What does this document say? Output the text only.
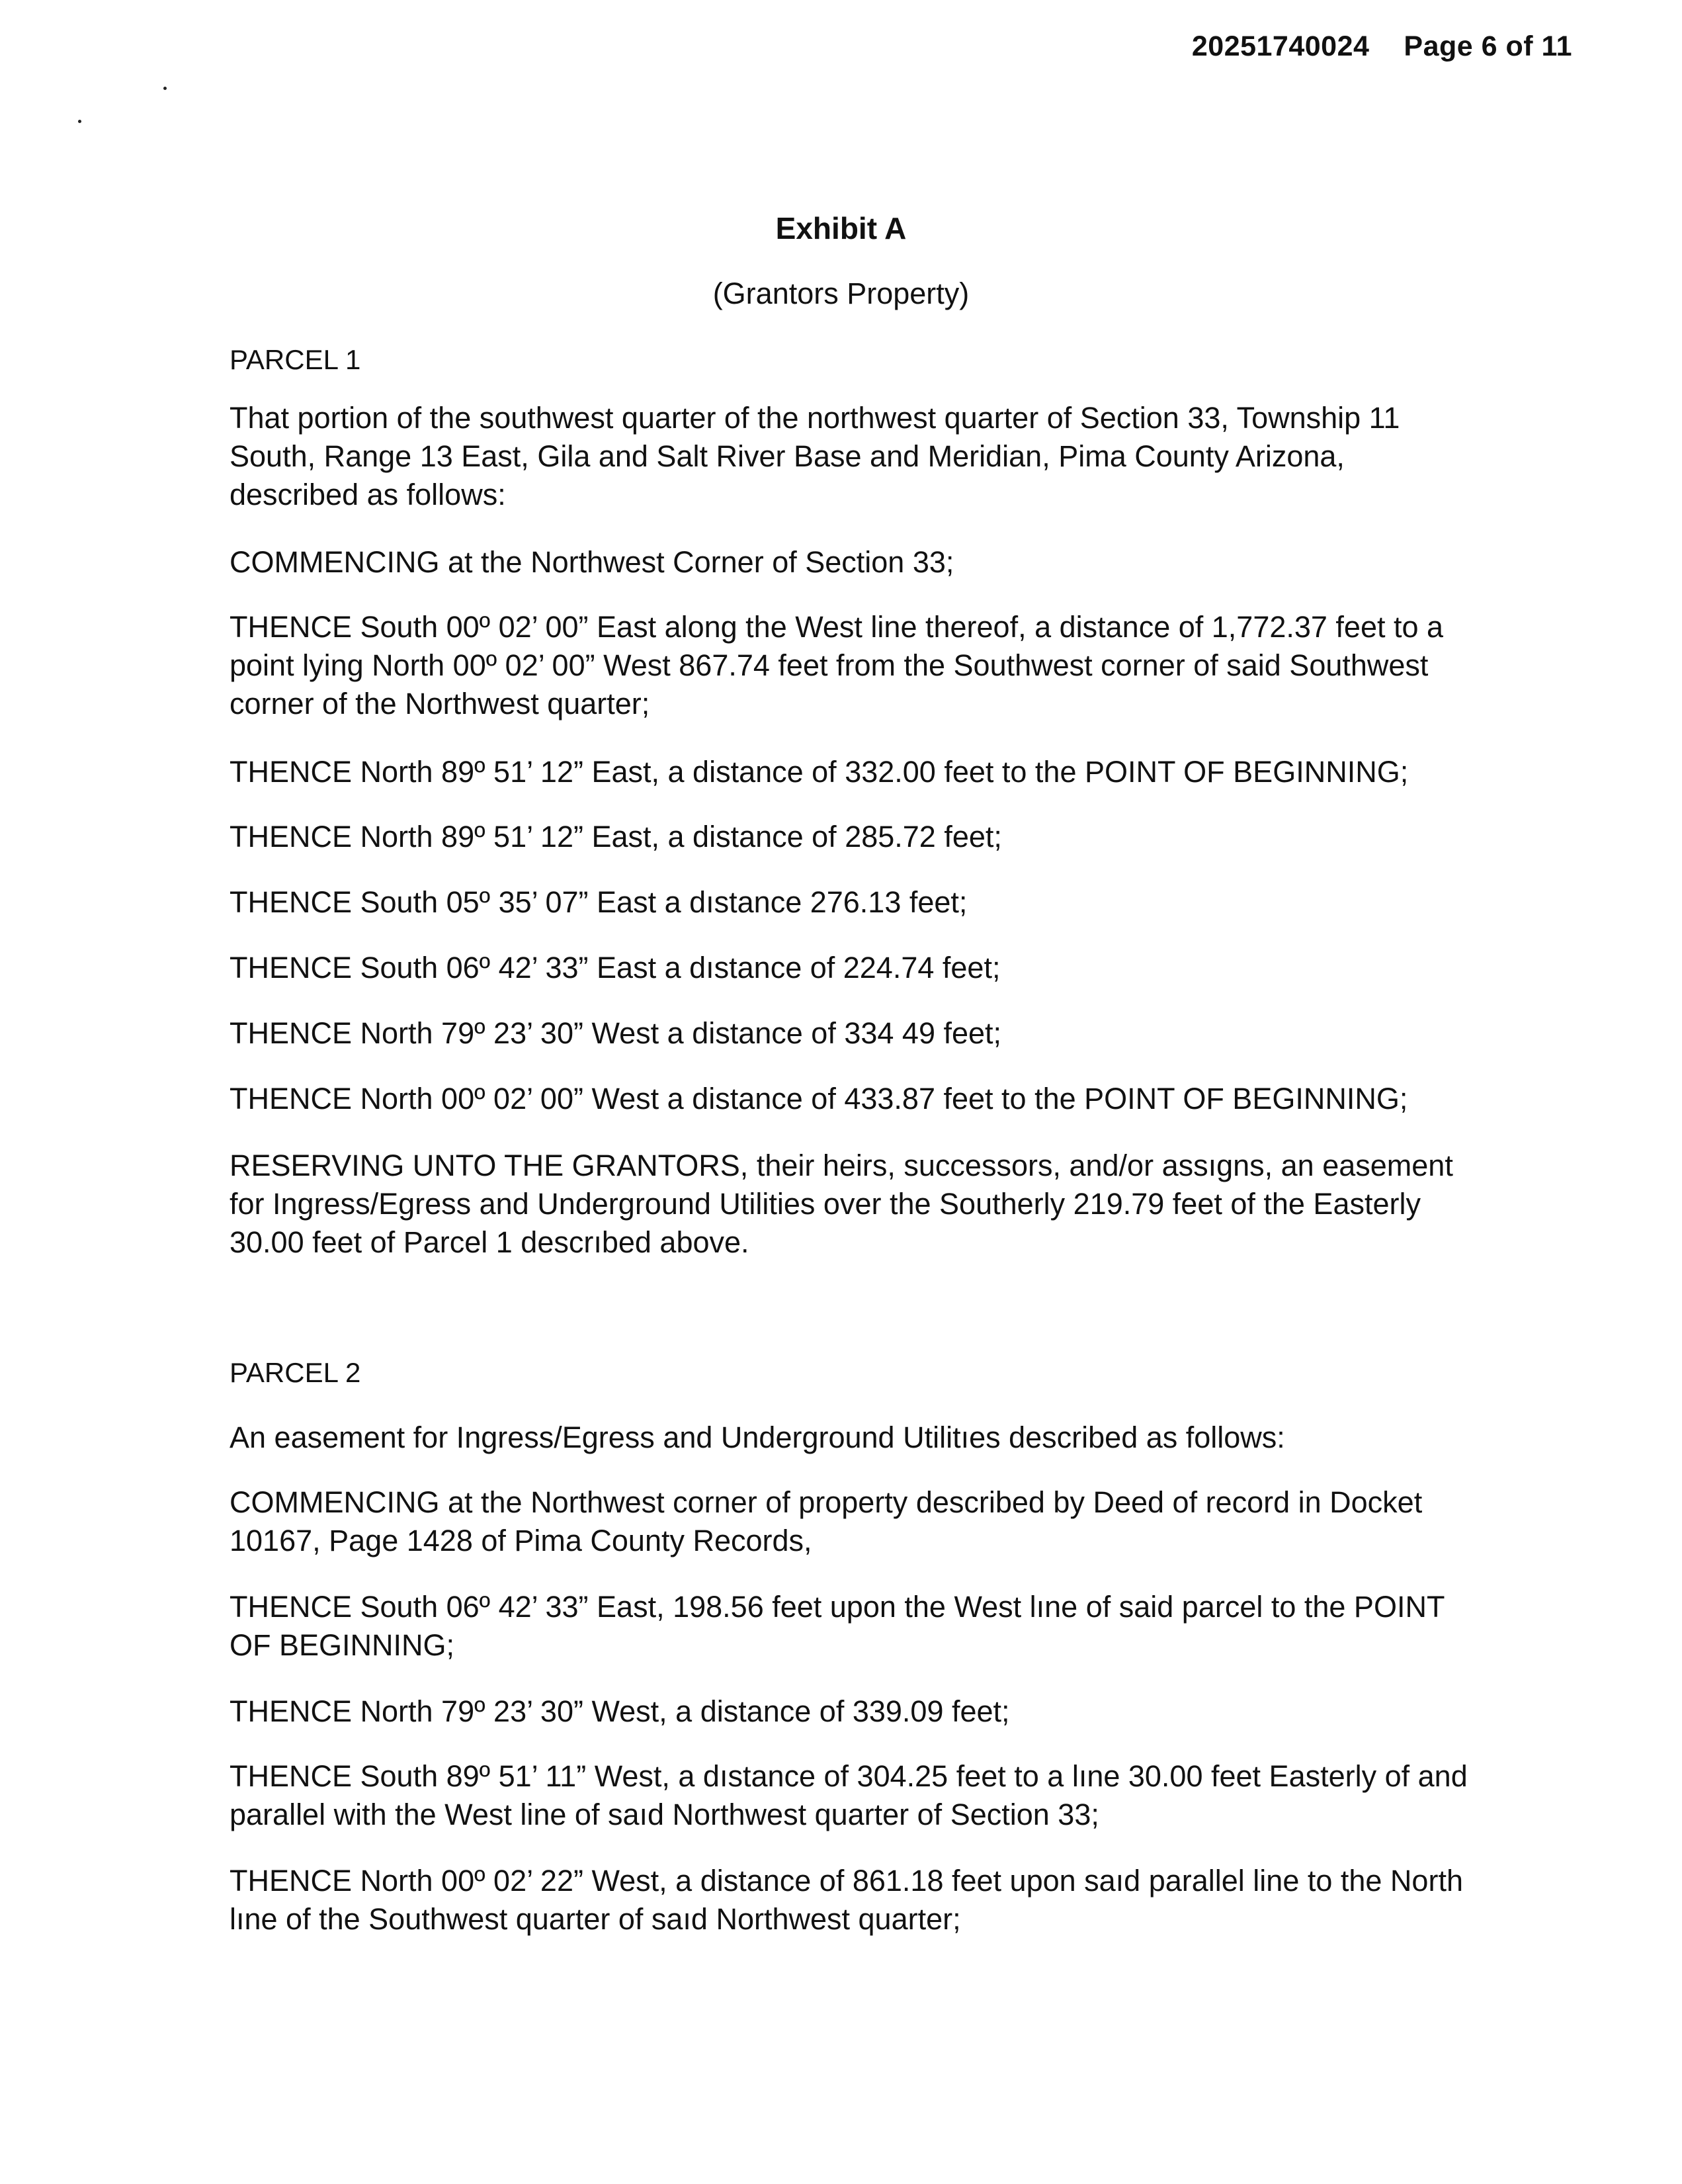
20251740024 Page 6 of 11
Exhibit A
(Grantors Property)

PARCEL 1

That portion of the southwest quarter of the northwest quarter of Section 33, Township 11
South, Range 13 East, Gila and Salt River Base and Meridian, Pima County Arizona,
described as follows:

COMMENCING at the Northwest Corner of Section 33;

THENCE South 00º 02’ 00” East along the West line thereof, a distance of 1,772.37 feet to a
point lying North 00º 02’ 00” West 867.74 feet from the Southwest corner of said Southwest
corner of the Northwest quarter;

THENCE North 89º 51’ 12” East, a distance of 332.00 feet to the POINT OF BEGINNING;

THENCE North 89º 51’ 12” East, a distance of 285.72 feet;

THENCE South 05º 35’ 07” East a dıstance 276.13 feet;

THENCE South 06º 42’ 33” East a dıstance of 224.74 feet;

THENCE North 79º 23’ 30” West a distance of 334 49 feet;

THENCE North 00º 02’ 00” West a distance of 433.87 feet to the POINT OF BEGINNING;

RESERVING UNTO THE GRANTORS, their heirs, successors, and/or assıgns, an easement
for Ingress/Egress and Underground Utilities over the Southerly 219.79 feet of the Easterly
30.00 feet of Parcel 1 descrıbed above.

PARCEL 2

An easement for Ingress/Egress and Underground Utilitıes described as follows:

COMMENCING at the Northwest corner of property described by Deed of record in Docket
10167, Page 1428 of Pima County Records,

THENCE South 06º 42’ 33” East, 198.56 feet upon the West lıne of said parcel to the POINT
OF BEGINNING;

THENCE North 79º 23’ 30” West, a distance of 339.09 feet;

THENCE South 89º 51’ 11” West, a dıstance of 304.25 feet to a lıne 30.00 feet Easterly of and
parallel with the West line of saıd Northwest quarter of Section 33;

THENCE North 00º 02’ 22” West, a distance of 861.18 feet upon saıd parallel line to the North
lıne of the Southwest quarter of saıd Northwest quarter;
